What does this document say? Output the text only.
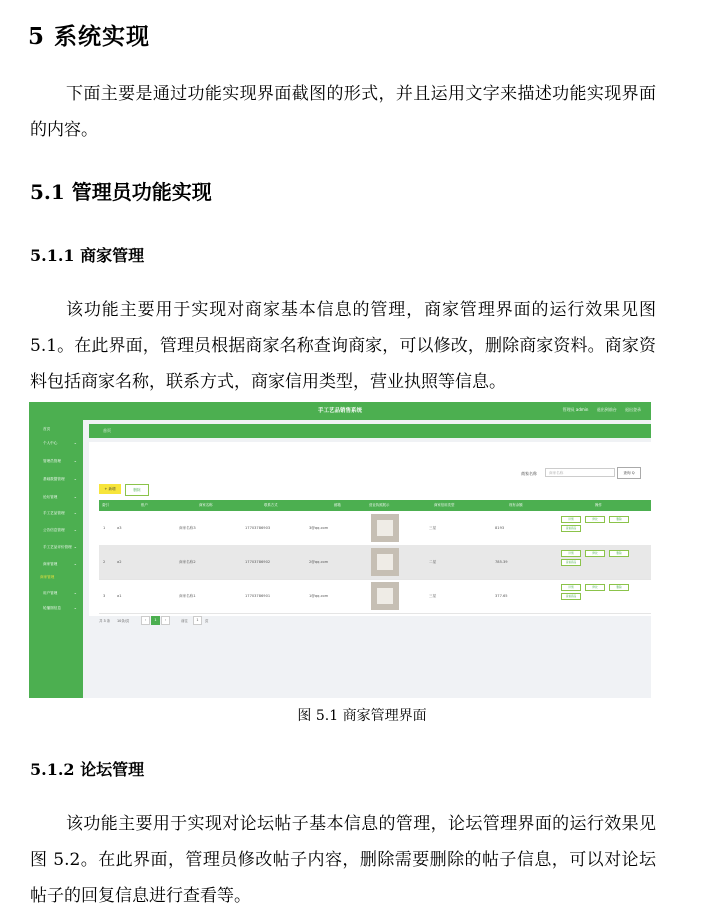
5 系统实现
下面主要是通过功能实现界面截图的形式，并且运用文字来描述功能实现界面的内容。
5.1 管理员功能实现
5.1.1 商家管理
该功能主要用于实现对商家基本信息的管理，商家管理界面的运行效果见图5.1。在此界面，管理员根据商家名称查询商家，可以修改，删除商家资料。商家资料包括商家名称，联系方式，商家信用类型，营业执照等信息。
手工艺品销售系统	管理员 admin 退出到前台 退出登录
首页
个人中心	⌄
管理员管理	⌄
基础数据管理 ⌄
论坛管理	⌄
手工艺品管理 ⌄
公告信息管理 ⌄
手工艺品评价管理 ⌄
商家管理	⌄
商家管理
用户管理	⌄
轮播图信息	⌄
首页
商家名称	商家名称	查询 Q
+ 新增	删除
索引	账户	商家名称	联系方式	邮箱	营业执照展示	商家信用类型	现有余额	操作
1	a3	商家名称3	17703786903	3@qq.com	三星	8193
详情	修改	删除
查看商品
2	a2	商家名称2	17703786902	2@qq.com	二星	785.39
详情	修改	删除
查看商品
3	a1	商家名称1	17703786901	1@qq.com	三星	377.65
详情	修改	删除
查看商品
共 3 条 10条/页	‹	1	›	前往	1	页
图 5.1 商家管理界面
5.1.2 论坛管理
该功能主要用于实现对论坛帖子基本信息的管理，论坛管理界面的运行效果见图 5.2。在此界面，管理员修改帖子内容，删除需要删除的帖子信息，可以对论坛帖子的回复信息进行查看等。
